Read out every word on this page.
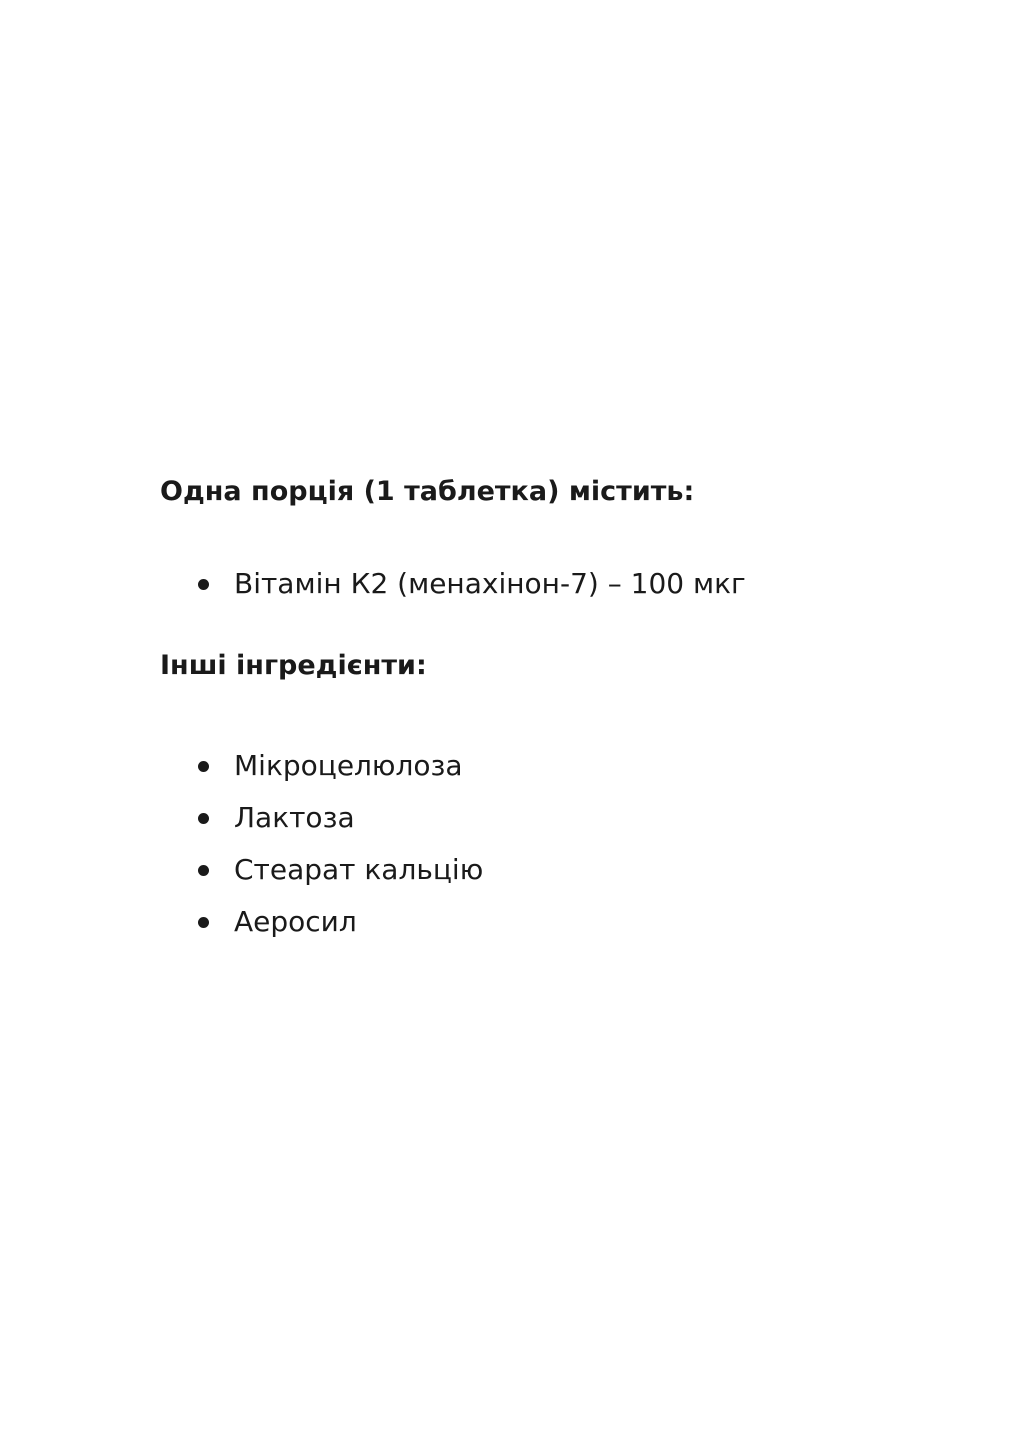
Одна порція (1 таблетка) містить:
Вітамін К2 (менахінон-7) – 100 мкг
Інші інгредієнти:
Мікроцелюлоза
Лактоза
Стеарат кальцію
Аеросил
